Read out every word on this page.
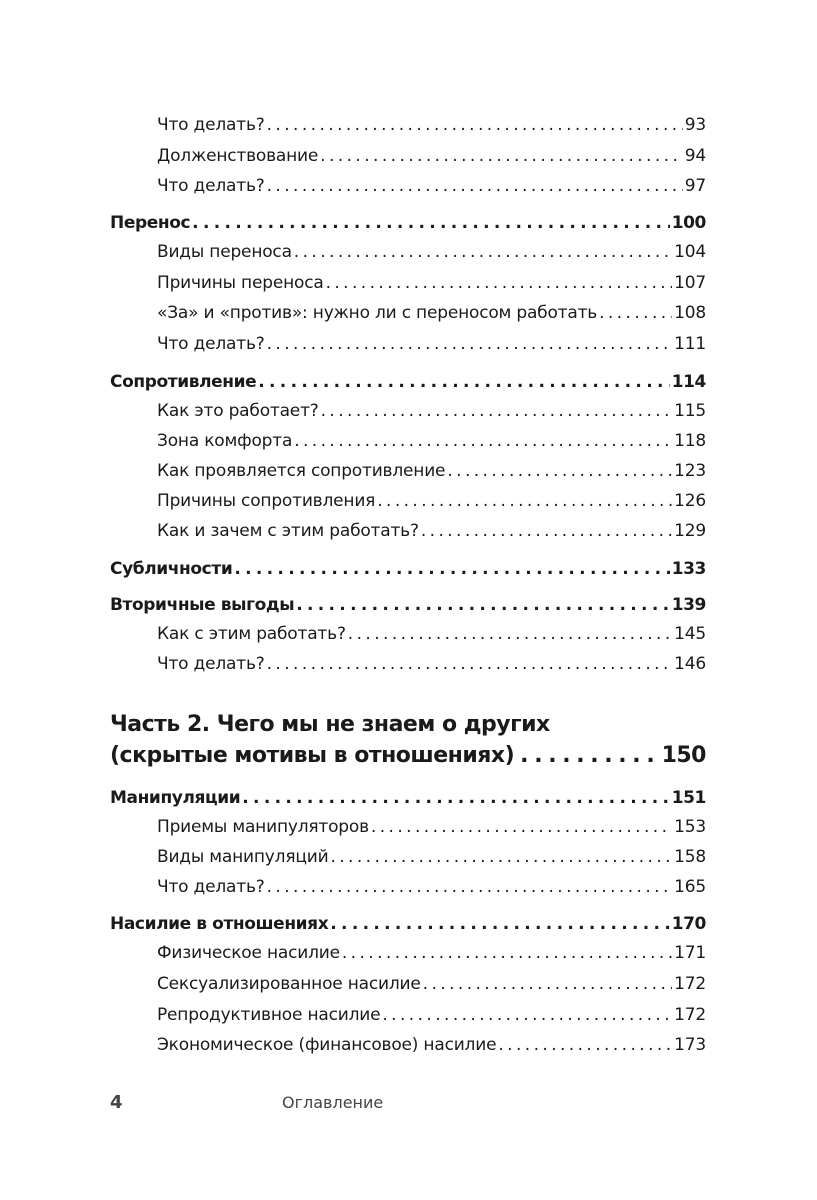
Что делать? . . .	93
Долженствование . . .	94
Что делать? . . .	97
Перенос . . .	100
Виды переноса . . .	104
Причины переноса . . .	107
«За» и «против»: нужно ли с переносом работать . . .	108
Что делать? . . .	111
Сопротивление . . .	114
Как это работает? . . .	115
Зона комфорта . . .	118
Как проявляется сопротивление . . .	123
Причины сопротивления . . .	126
Как и зачем с этим работать? . . .	129
Субличности . . .	133
Вторичные выгоды . . .	139
Как с этим работать? . . .	145
Что делать? . . .	146
Часть 2. Чего мы не знаем о других
(скрытые мотивы в отношениях) . . .	150
Манипуляции . . .	151
Приемы манипуляторов . . .	153
Виды манипуляций . . .	158
Что делать? . . .	165
Насилие в отношениях . . .	170
Физическое насилие . . .	171
Сексуализированное насилие . . .	172
Репродуктивное насилие . . .	172
Экономическое (финансовое) насилие . . .	173
4	Оглавление
